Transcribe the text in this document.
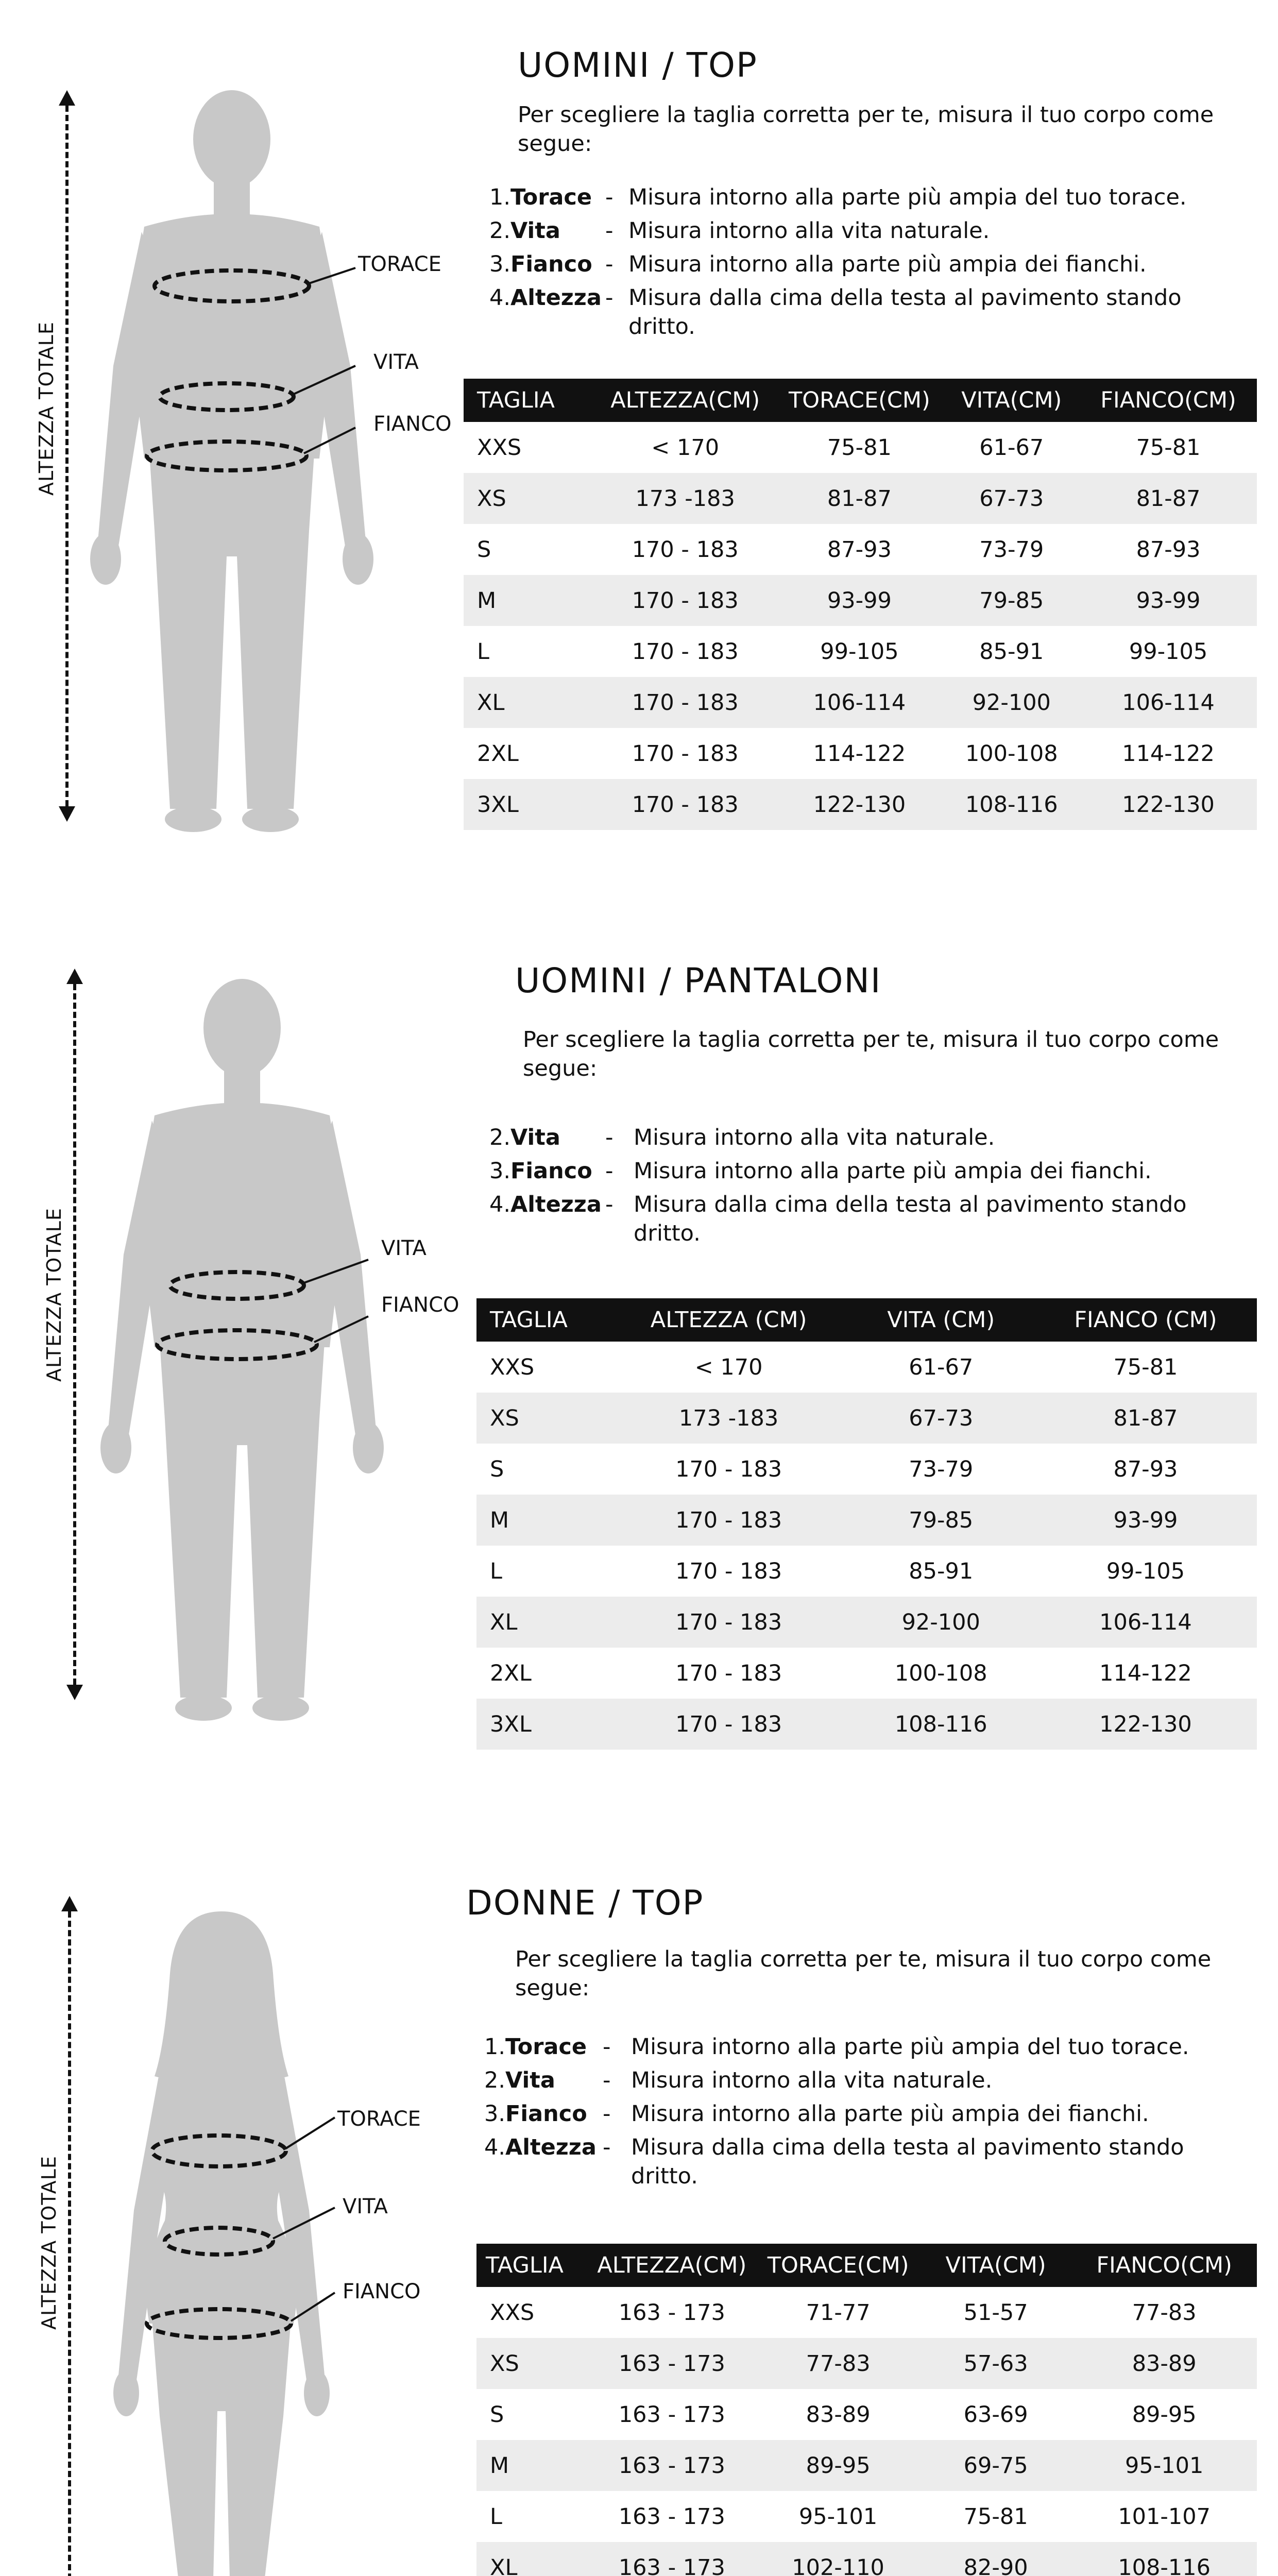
ALTEZZA TOTALE
TORACE
VITA
FIANCO
UOMINI / TOP
Per scegliere la taglia corretta per te, misura il tuo corpo come segue:
1.Torace - Misura intorno alla parte più ampia del tuo torace.
2.Vita - Misura intorno alla vita naturale.
3.Fianco - Misura intorno alla parte più ampia dei fianchi.
4.Altezza - Misura dalla cima della testa al pavimento stando dritto.
TAGLIA	ALTEZZA(CM)	TORACE(CM)	VITA(CM)	FIANCO(CM)
XXS	< 170	75-81	61-67	75-81
XS	173 -183	81-87	67-73	81-87
S	170 - 183	87-93	73-79	87-93
M	170 - 183	93-99	79-85	93-99
L	170 - 183	99-105	85-91	99-105
XL	170 - 183	106-114	92-100	106-114
2XL	170 - 183	114-122	100-108	114-122
3XL	170 - 183	122-130	108-116	122-130
ALTEZZA TOTALE	VITA
FIANCO
UOMINI / PANTALONI
Per scegliere la taglia corretta per te, misura il tuo corpo come segue:
2.Vita - Misura intorno alla vita naturale.
3.Fianco - Misura intorno alla parte più ampia dei fianchi.
4.Altezza - Misura dalla cima della testa al pavimento stando dritto.
TAGLIA	ALTEZZA (CM)	VITA (CM)	FIANCO (CM)
XXS	< 170	61-67	75-81
XS	173 -183	67-73	81-87
S	170 - 183	73-79	87-93
M	170 - 183	79-85	93-99
L	170 - 183	85-91	99-105
XL	170 - 183	92-100	106-114
2XL	170 - 183	100-108	114-122
3XL	170 - 183	108-116	122-130
ALTEZZA TOTALE
TORACE
VITA
FIANCO
DONNE / TOP
Per scegliere la taglia corretta per te, misura il tuo corpo come segue:
1.Torace - Misura intorno alla parte più ampia del tuo torace.
2.Vita - Misura intorno alla vita naturale.
3.Fianco - Misura intorno alla parte più ampia dei fianchi.
4.Altezza - Misura dalla cima della testa al pavimento stando dritto.
TAGLIA	ALTEZZA(CM)	TORACE(CM)	VITA(CM)	FIANCO(CM)
XXS	163 - 173	71-77	51-57	77-83
XS	163 - 173	77-83	57-63	83-89
S	163 - 173	83-89	63-69	89-95
M	163 - 173	89-95	69-75	95-101
L	163 - 173	95-101	75-81	101-107
XL	163 - 173	102-110	82-90	108-116
